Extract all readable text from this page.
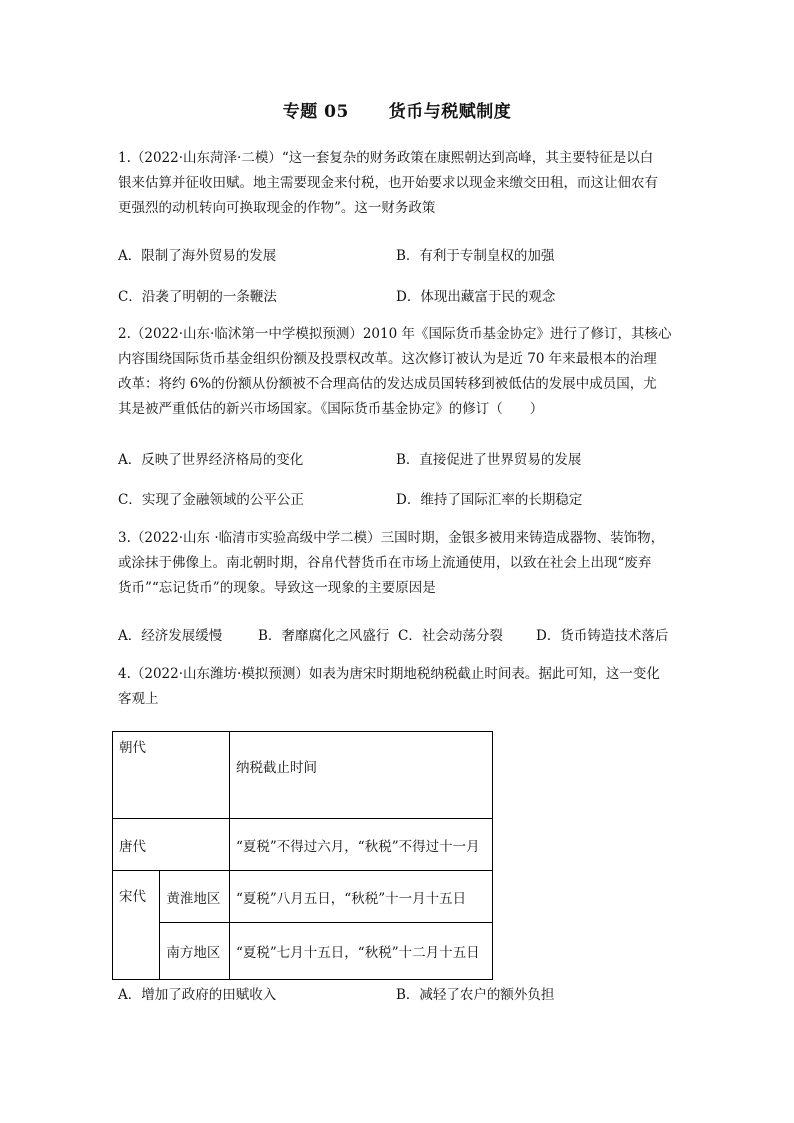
专题 05 货币与税赋制度
1.（2022·山东菏泽·二模）“这一套复杂的财务政策在康熙朝达到高峰，其主要特征是以白
银来估算并征收田赋。地主需要现金来付税，也开始要求以现金来缴交田租，而这让佃农有
更强烈的动机转向可换取现金的作物”。这一财务政策
A．限制了海外贸易的发展	B．有利于专制皇权的加强
C．沿袭了明朝的一条鞭法	D．体现出藏富于民的观念
2.（2022·山东·临沭第一中学模拟预测）2010 年《国际货币基金协定》进行了修订，其核心
内容围绕国际货币基金组织份额及投票权改革。这次修订被认为是近 70 年来最根本的治理
改革：将约 6%的份额从份额被不合理高估的发达成员国转移到被低估的发展中成员国，尤
其是被严重低估的新兴市场国家。《国际货币基金协定》的修订（　　）
A．反映了世界经济格局的变化	B．直接促进了世界贸易的发展
C．实现了金融领域的公平公正	D．维持了国际汇率的长期稳定
3.（2022·山东 ·临清市实验高级中学二模）三国时期，金银多被用来铸造成器物、装饰物，
或涂抹于佛像上。南北朝时期，谷帛代替货币在市场上流通使用，以致在社会上出现“废弃
货币”“忘记货币”的现象。导致这一现象的主要原因是
A．经济发展缓慢	B．奢靡腐化之风盛行 C．社会动荡分裂 D．货币铸造技术落后
4.（2022·山东潍坊·模拟预测）如表为唐宋时期地税纳税截止时间表。据此可知，这一变化
客观上
朝代		纳税截止时间
唐代		“夏税”不得过六月，“秋税”不得过十一月
宋代	黄淮地区	“夏税”八月五日，“秋税”十一月十五日
	南方地区	“夏税”七月十五日，“秋税”十二月十五日
A．增加了政府的田赋收入	B．减轻了农户的额外负担
